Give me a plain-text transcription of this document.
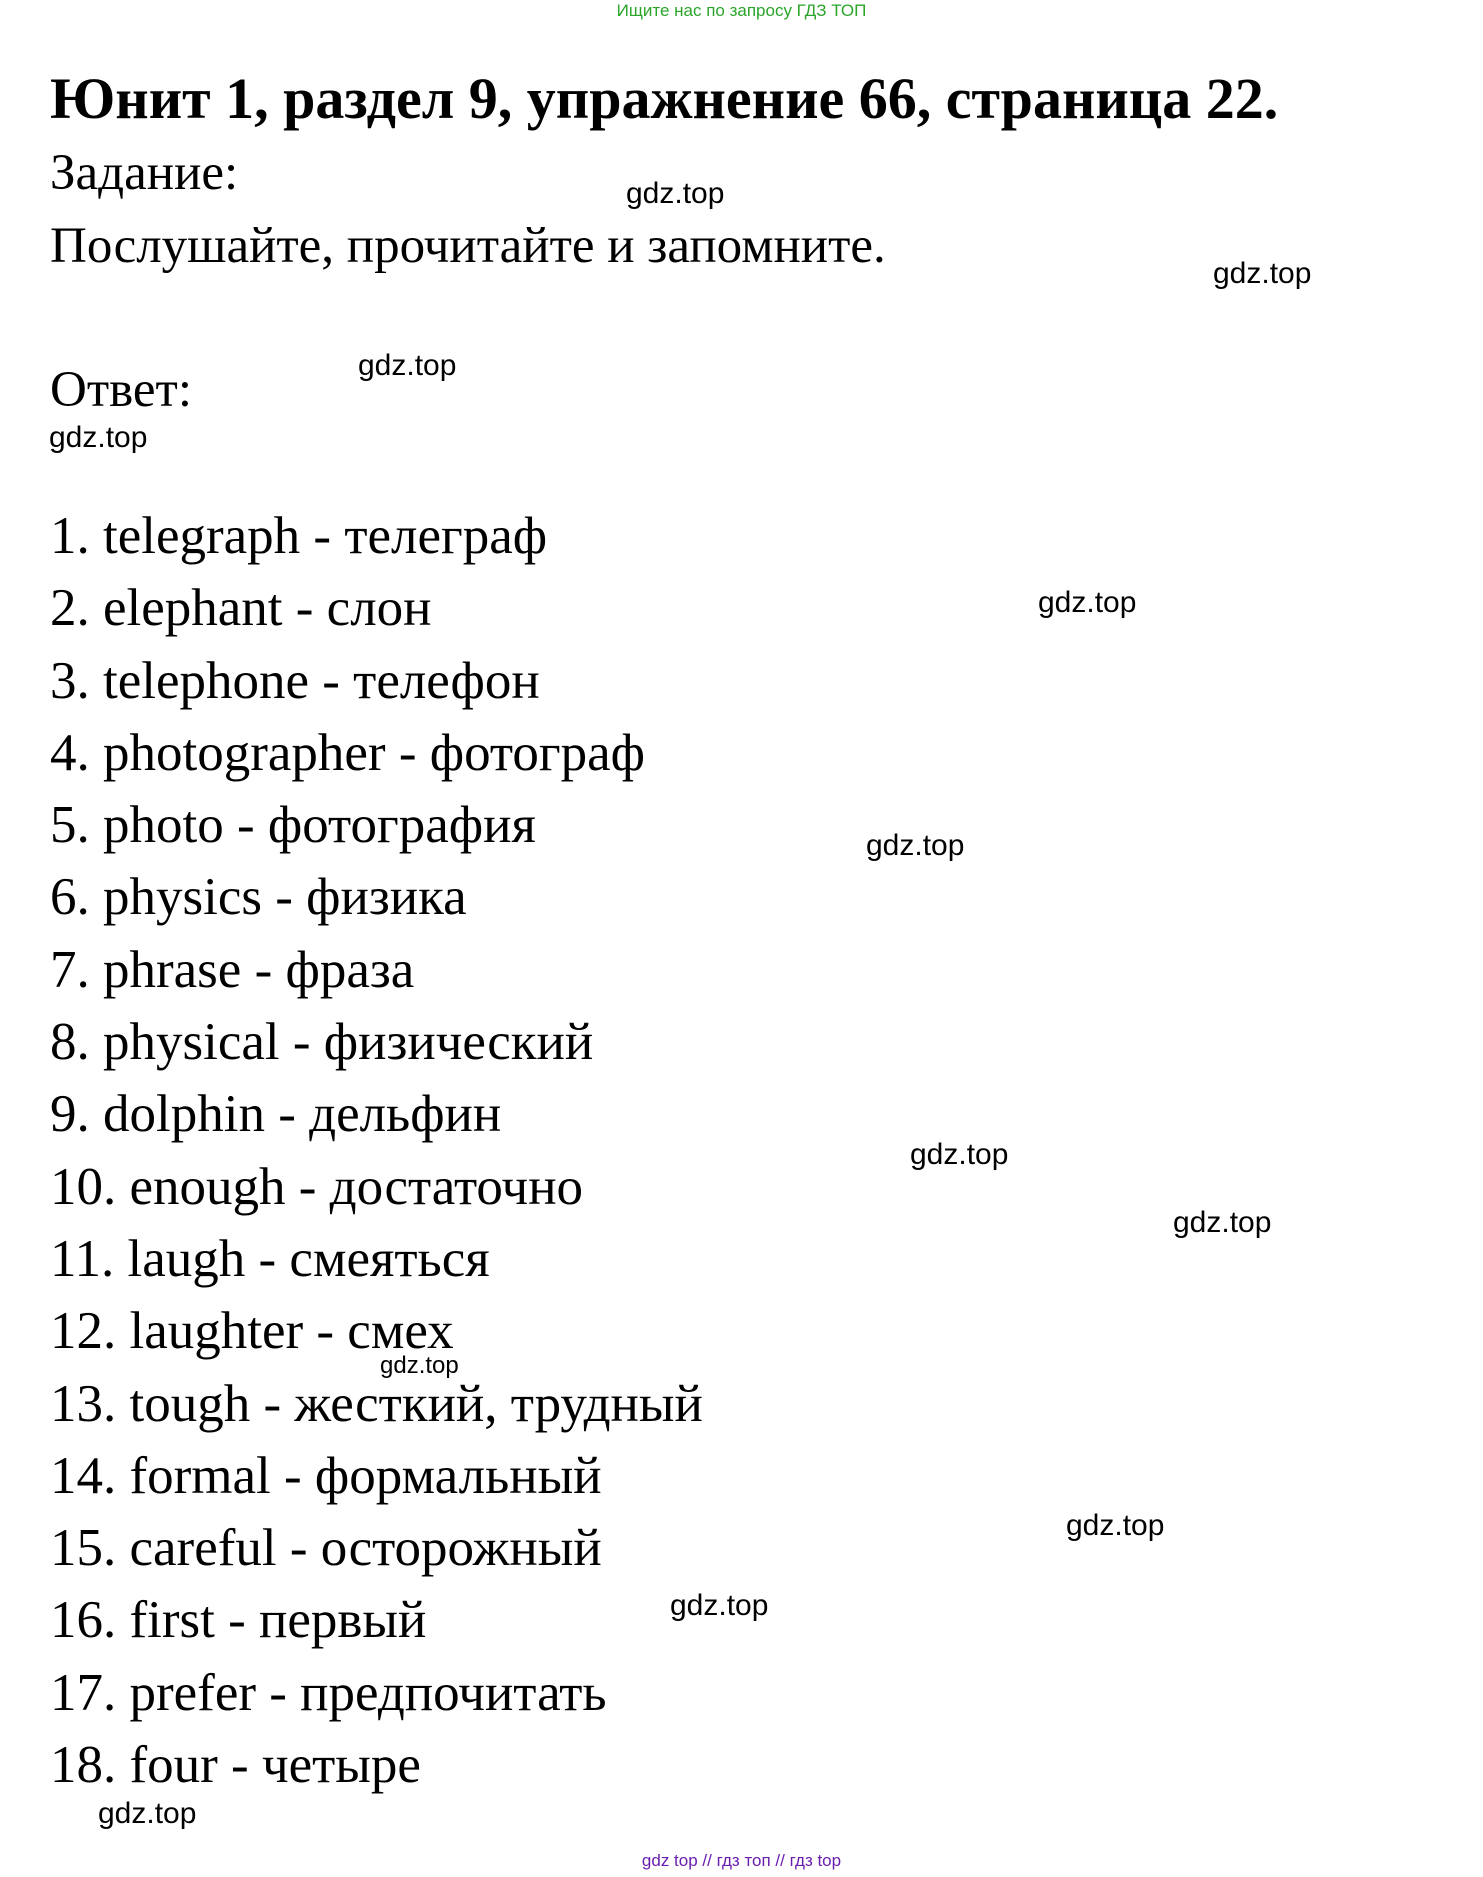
Ищите нас по запросу ГДЗ ТОП
Юнит 1, раздел 9, упражнение 66, страница 22.
Задание:
Послушайте, прочитайте и запомните.
Ответ:
1. telegraph - телеграф
2. elephant - слон
3. telephone - телефон
4. photographer - фотограф
5. photo - фотография
6. physics - физика
7. phrase - фраза
8. physical - физический
9. dolphin - дельфин
10. enough - достаточно
11. laugh - смеяться
12. laughter - смех
13. tough - жесткий, трудный
14. formal - формальный
15. careful - осторожный
16. first - первый
17. prefer - предпочитать
18. four - четыре
gdz.top
gdz.top
gdz.top
gdz.top
gdz.top
gdz.top
gdz.top
gdz.top
gdz.top
gdz.top
gdz.top
gdz.top
gdz top // гдз топ // гдз top
